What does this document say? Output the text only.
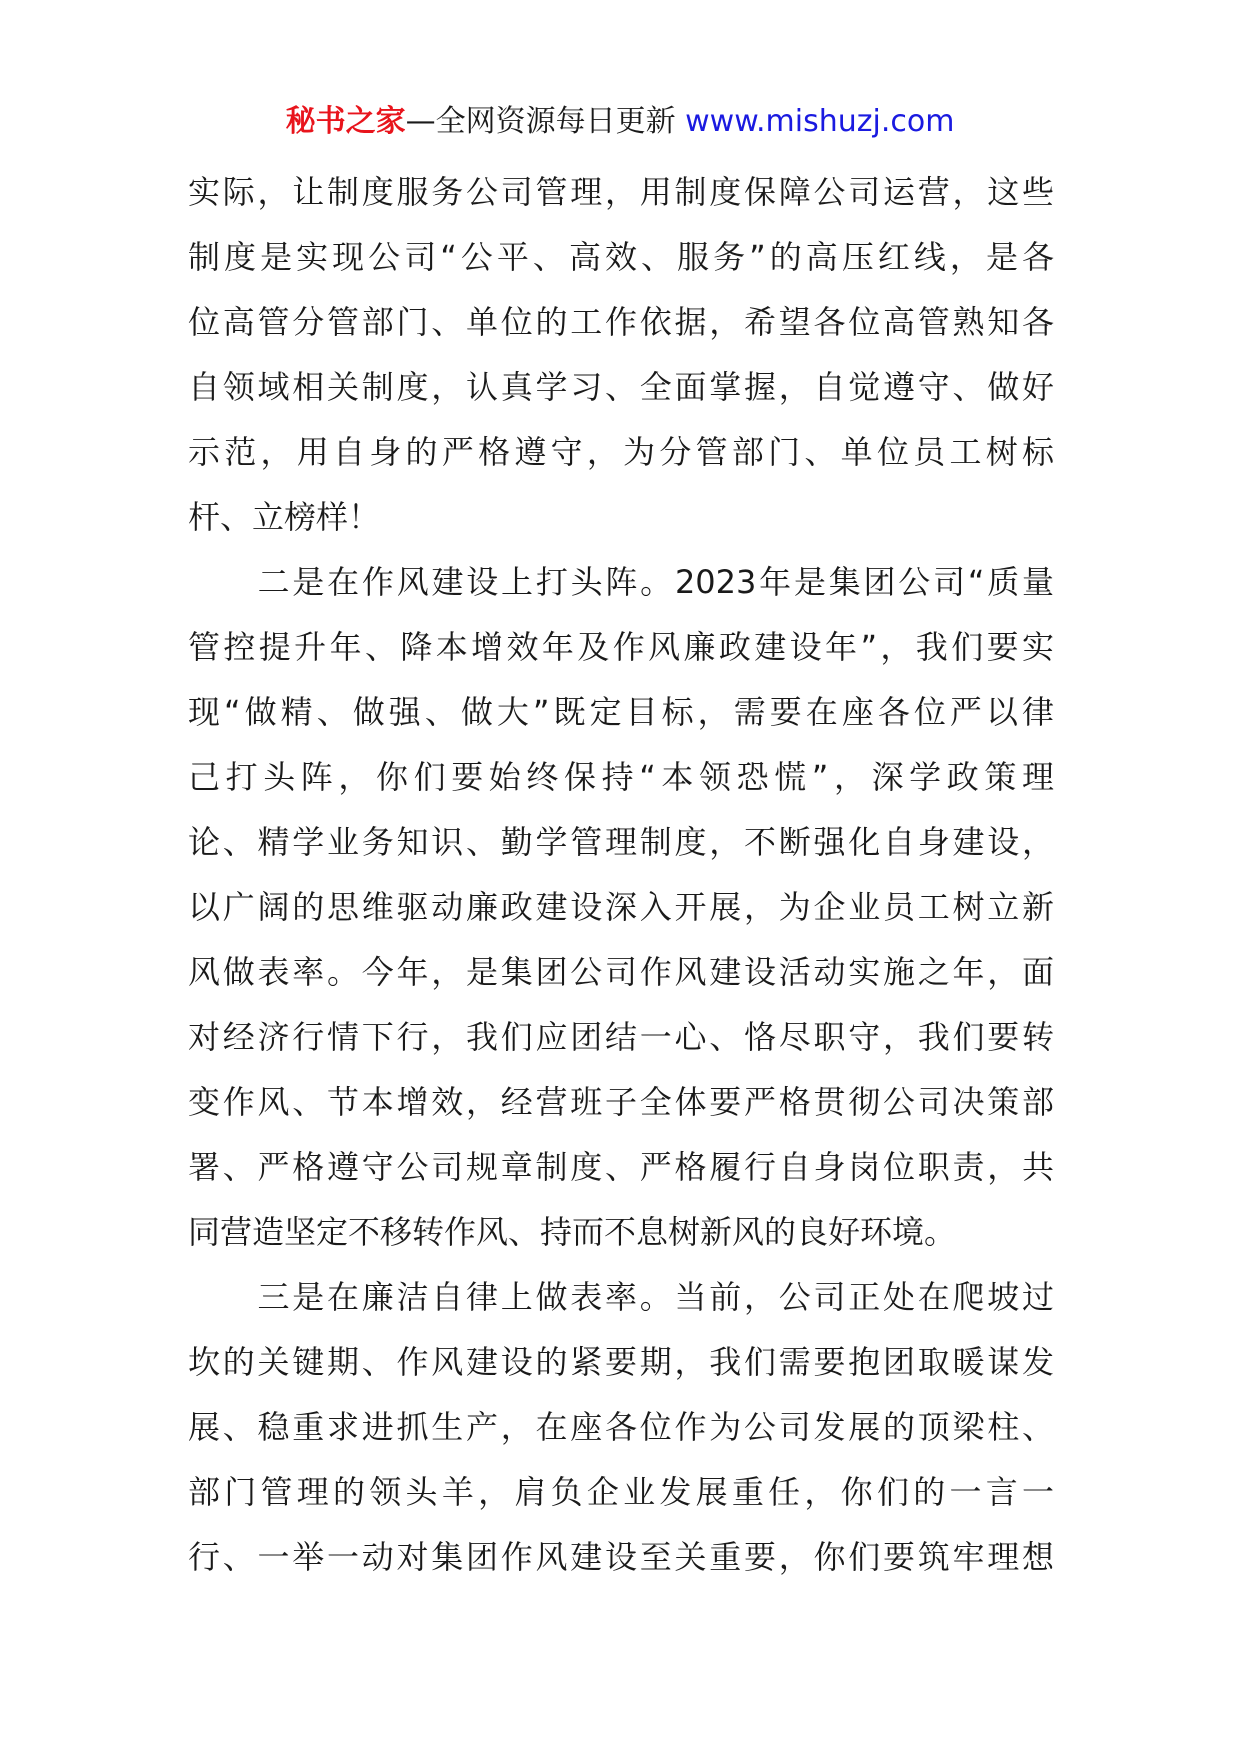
秘书之家—全网资源每日更新 www.mishuzj.com
实际，让制度服务公司管理，用制度保障公司运营，这些
制度是实现公司“公平、高效、服务”的高压红线，是各
位高管分管部门、单位的工作依据，希望各位高管熟知各
自领域相关制度，认真学习、全面掌握，自觉遵守、做好
示范，用自身的严格遵守，为分管部门、单位员工树标
杆、立榜样！
　　二是在作风建设上打头阵。2023年是集团公司“质量
管控提升年、降本增效年及作风廉政建设年”，我们要实
现“做精、做强、做大”既定目标，需要在座各位严以律
己打头阵，你们要始终保持“本领恐慌”，深学政策理
论、精学业务知识、勤学管理制度，不断强化自身建设，
以广阔的思维驱动廉政建设深入开展，为企业员工树立新
风做表率。今年，是集团公司作风建设活动实施之年，面
对经济行情下行，我们应团结一心、恪尽职守，我们要转
变作风、节本增效，经营班子全体要严格贯彻公司决策部
署、严格遵守公司规章制度、严格履行自身岗位职责，共
同营造坚定不移转作风、持而不息树新风的良好环境。
　　三是在廉洁自律上做表率。当前，公司正处在爬坡过
坎的关键期、作风建设的紧要期，我们需要抱团取暖谋发
展、稳重求进抓生产，在座各位作为公司发展的顶梁柱、
部门管理的领头羊，肩负企业发展重任，你们的一言一
行、一举一动对集团作风建设至关重要，你们要筑牢理想
